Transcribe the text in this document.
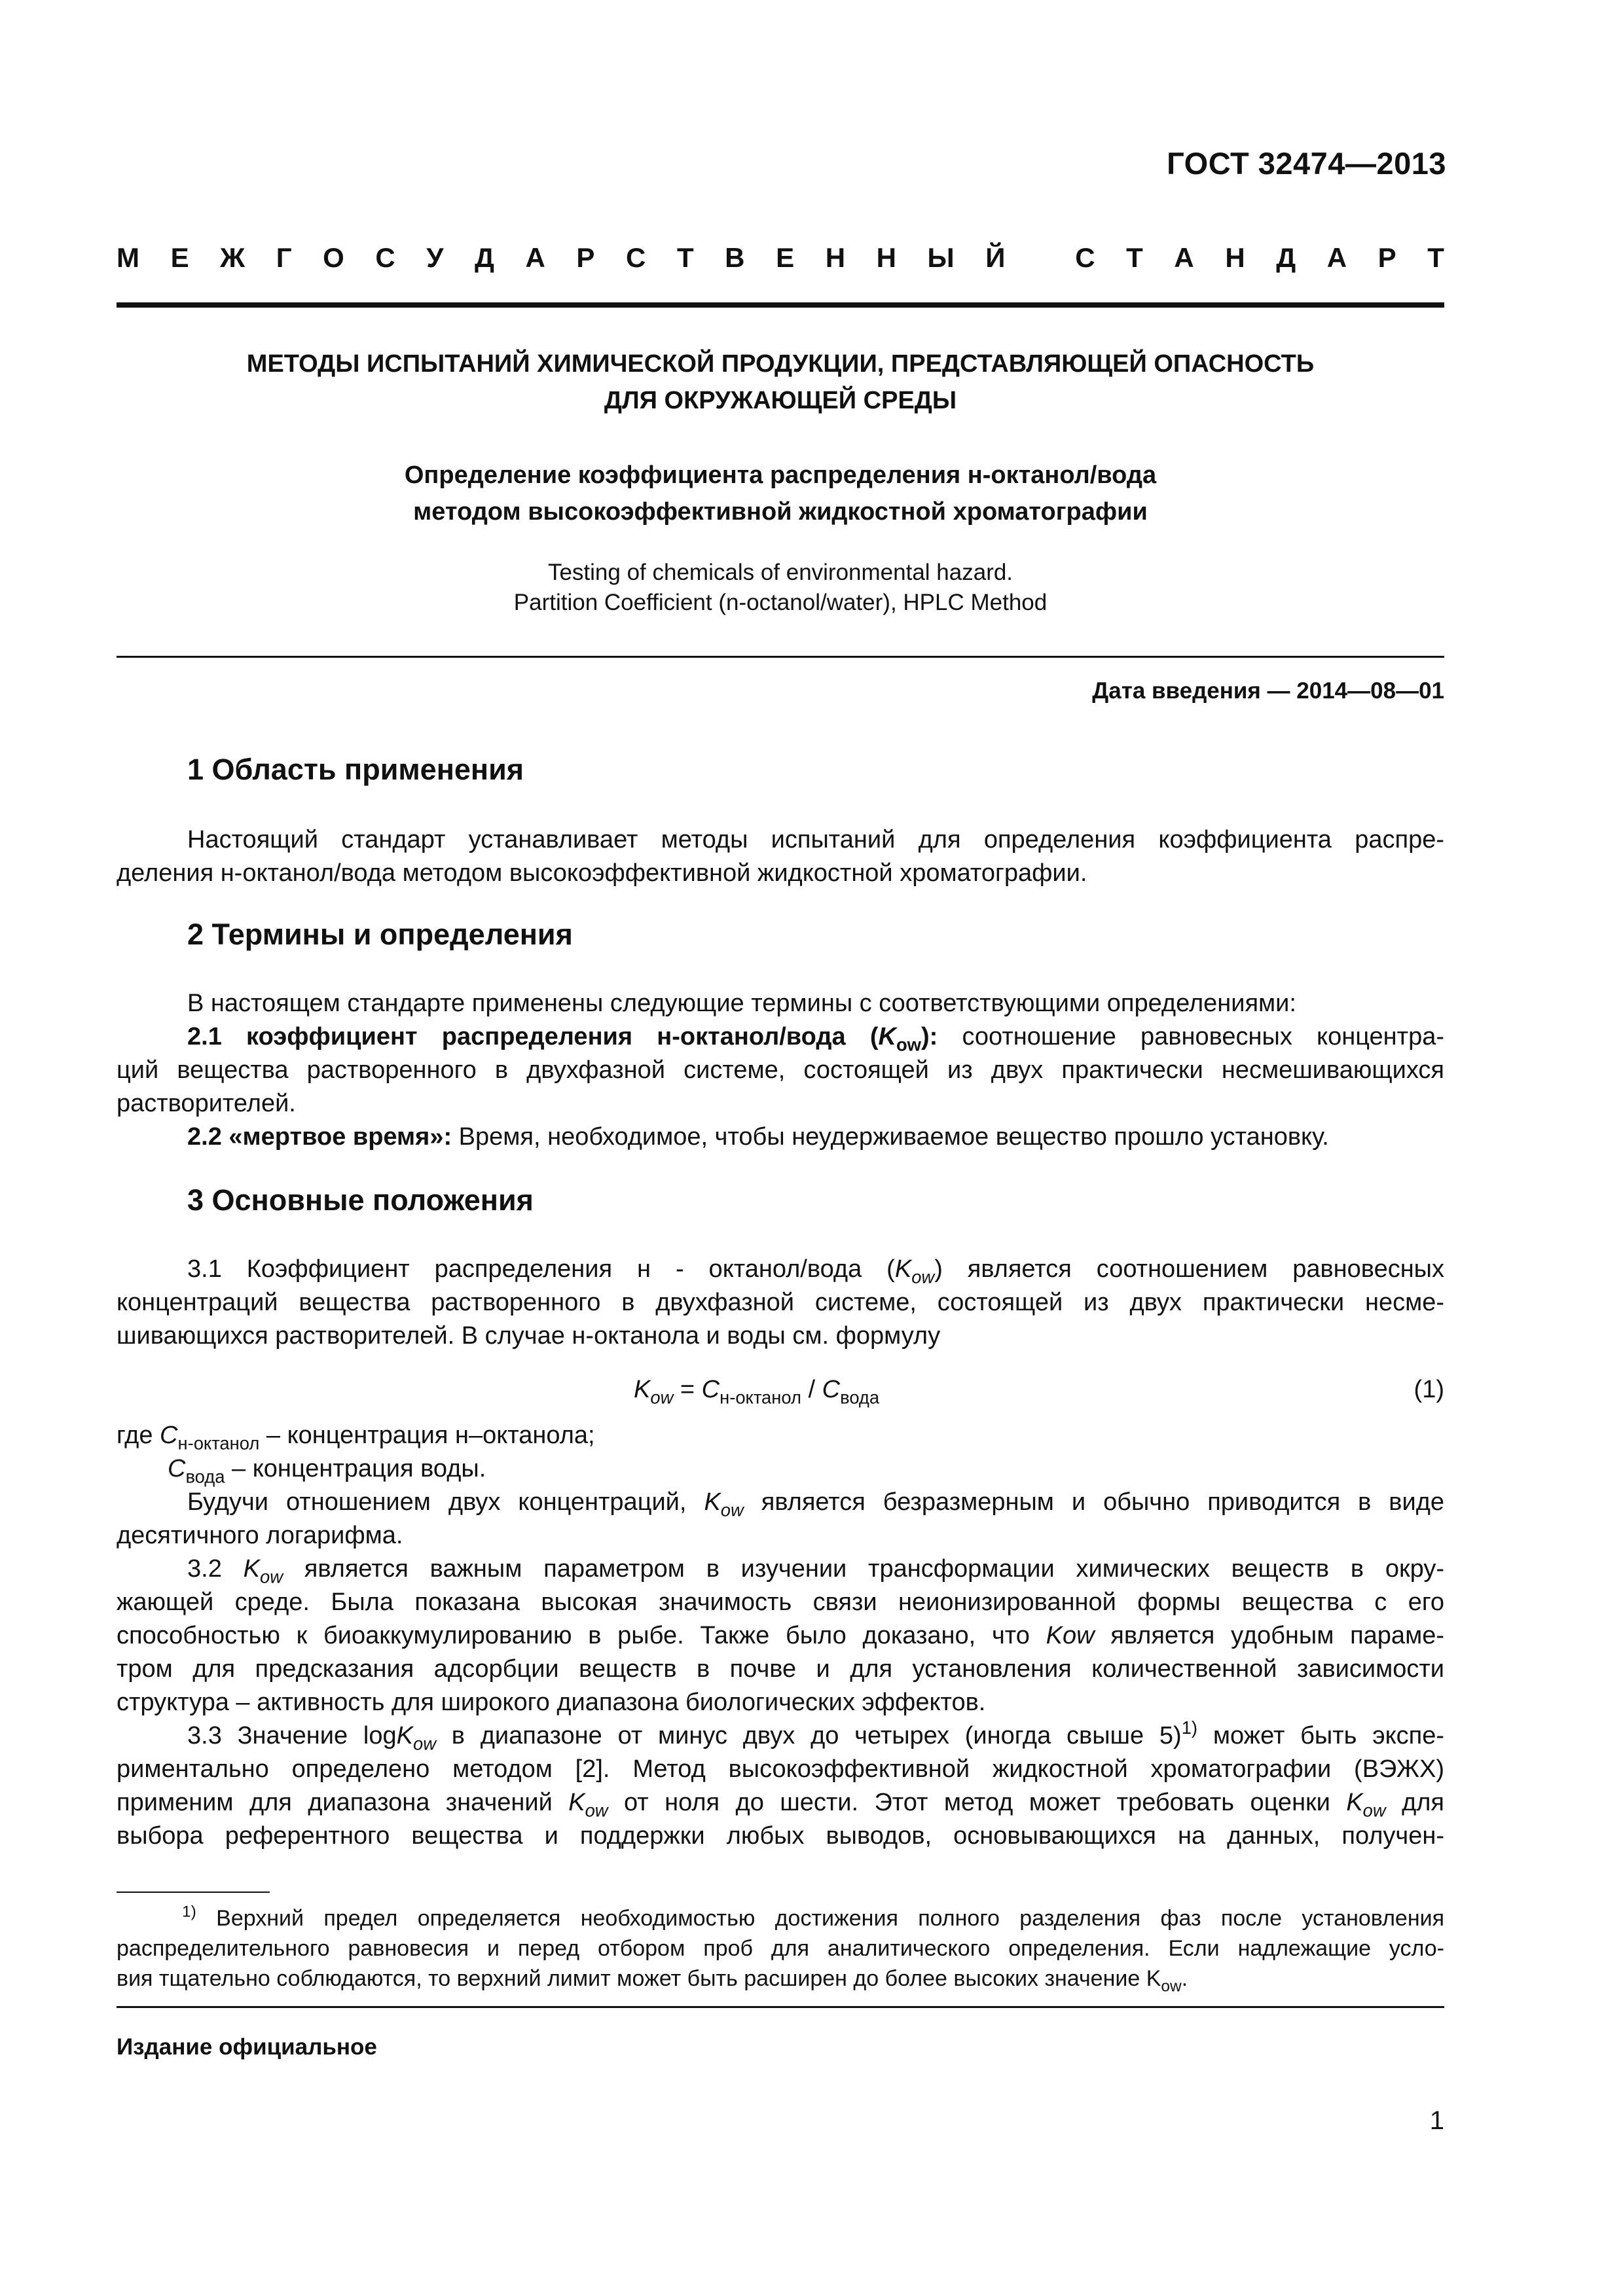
ГОСТ 32474—2013
М Е Ж Г О С У Д А Р С Т В Е Н Н Ы Й
	С Т А Н Д А Р Т
МЕТОДЫ ИСПЫТАНИЙ ХИМИЧЕСКОЙ ПРОДУКЦИИ, ПРЕДСТАВЛЯЮЩЕЙ ОПАСНОСТЬ
ДЛЯ ОКРУЖАЮЩЕЙ СРЕДЫ
Определение коэффициента распределения н-октанол/вода
методом высокоэффективной жидкостной хроматографии
Testing of chemicals of environmental hazard.
Partition Coefficient (n-octanol/water), HPLC Method
Дата введения — 2014—08—01
1 Область применения
Настоящий стандарт устанавливает методы испытаний для определения коэффициента распре-
деления н-октанол/вода методом высокоэффективной жидкостной хроматографии.
2 Термины и определения
В настоящем стандарте применены следующие термины с соответствующими определениями:
2.1 коэффициент распределения н-октанол/вода $(K_{ow})$: соотношение равновесных концентра-
ций вещества растворенного в двухфазной системе, состоящей из двух практически несмешивающихся
растворителей.
2.2 «мертвое время»: Время, необходимое, чтобы неудерживаемое вещество прошло установку.
3 Основные положения
3.1 Коэффициент распределения н - октанол/вода $(K_{ow})$ является соотношением равновесных
концентраций вещества растворенного в двухфазной системе, состоящей из двух практически несме-
шивающихся растворителей. В случае н-октанола и воды см. формулу
$K_{ow} = C_{н-октанол} / C_{вода}$	(1)
где $C_{н-октанол}$ – концентрация н–октанола;
$C_{вода}$ – концентрация воды.
Будучи отношением двух концентраций, $K_{ow}$ является безразмерным и обычно приводится в виде
десятичного логарифма.
3.2 $K_{ow}$ является важным параметром в изучении трансформации химических веществ в окру-
жающей среде. Была показана высокая значимость связи неионизированной формы вещества с его
способностью к биоаккумулированию в рыбе. Также было доказано, что Kow является удобным параме-
тром для предсказания адсорбции веществ в почве и для установления количественной зависимости
структура – активность для широкого диапазона биологических эффектов.
3.3 Значение logK$_{ow}$ в диапазоне от минус двух до четырех (иногда свыше 5)$^{1)}$ может быть экспе-
риментально определено методом [2]. Метод высокоэффективной жидкостной хроматографии (ВЭЖХ)
применим для диапазона значений $K_{ow}$ от ноля до шести. Этот метод может требовать оценки $K_{ow}$ для
выбора референтного вещества и поддержки любых выводов, основывающихся на данных, получен-
$^{1)}$ Верхний предел определяется необходимостью достижения полного разделения фаз после установления
распределительного равновесия и перед отбором проб для аналитического определения. Если надлежащие усло-
вия тщательно соблюдаются, то верхний лимит может быть расширен до более высоких значение $K_{ow}$.
Издание официальное
1
